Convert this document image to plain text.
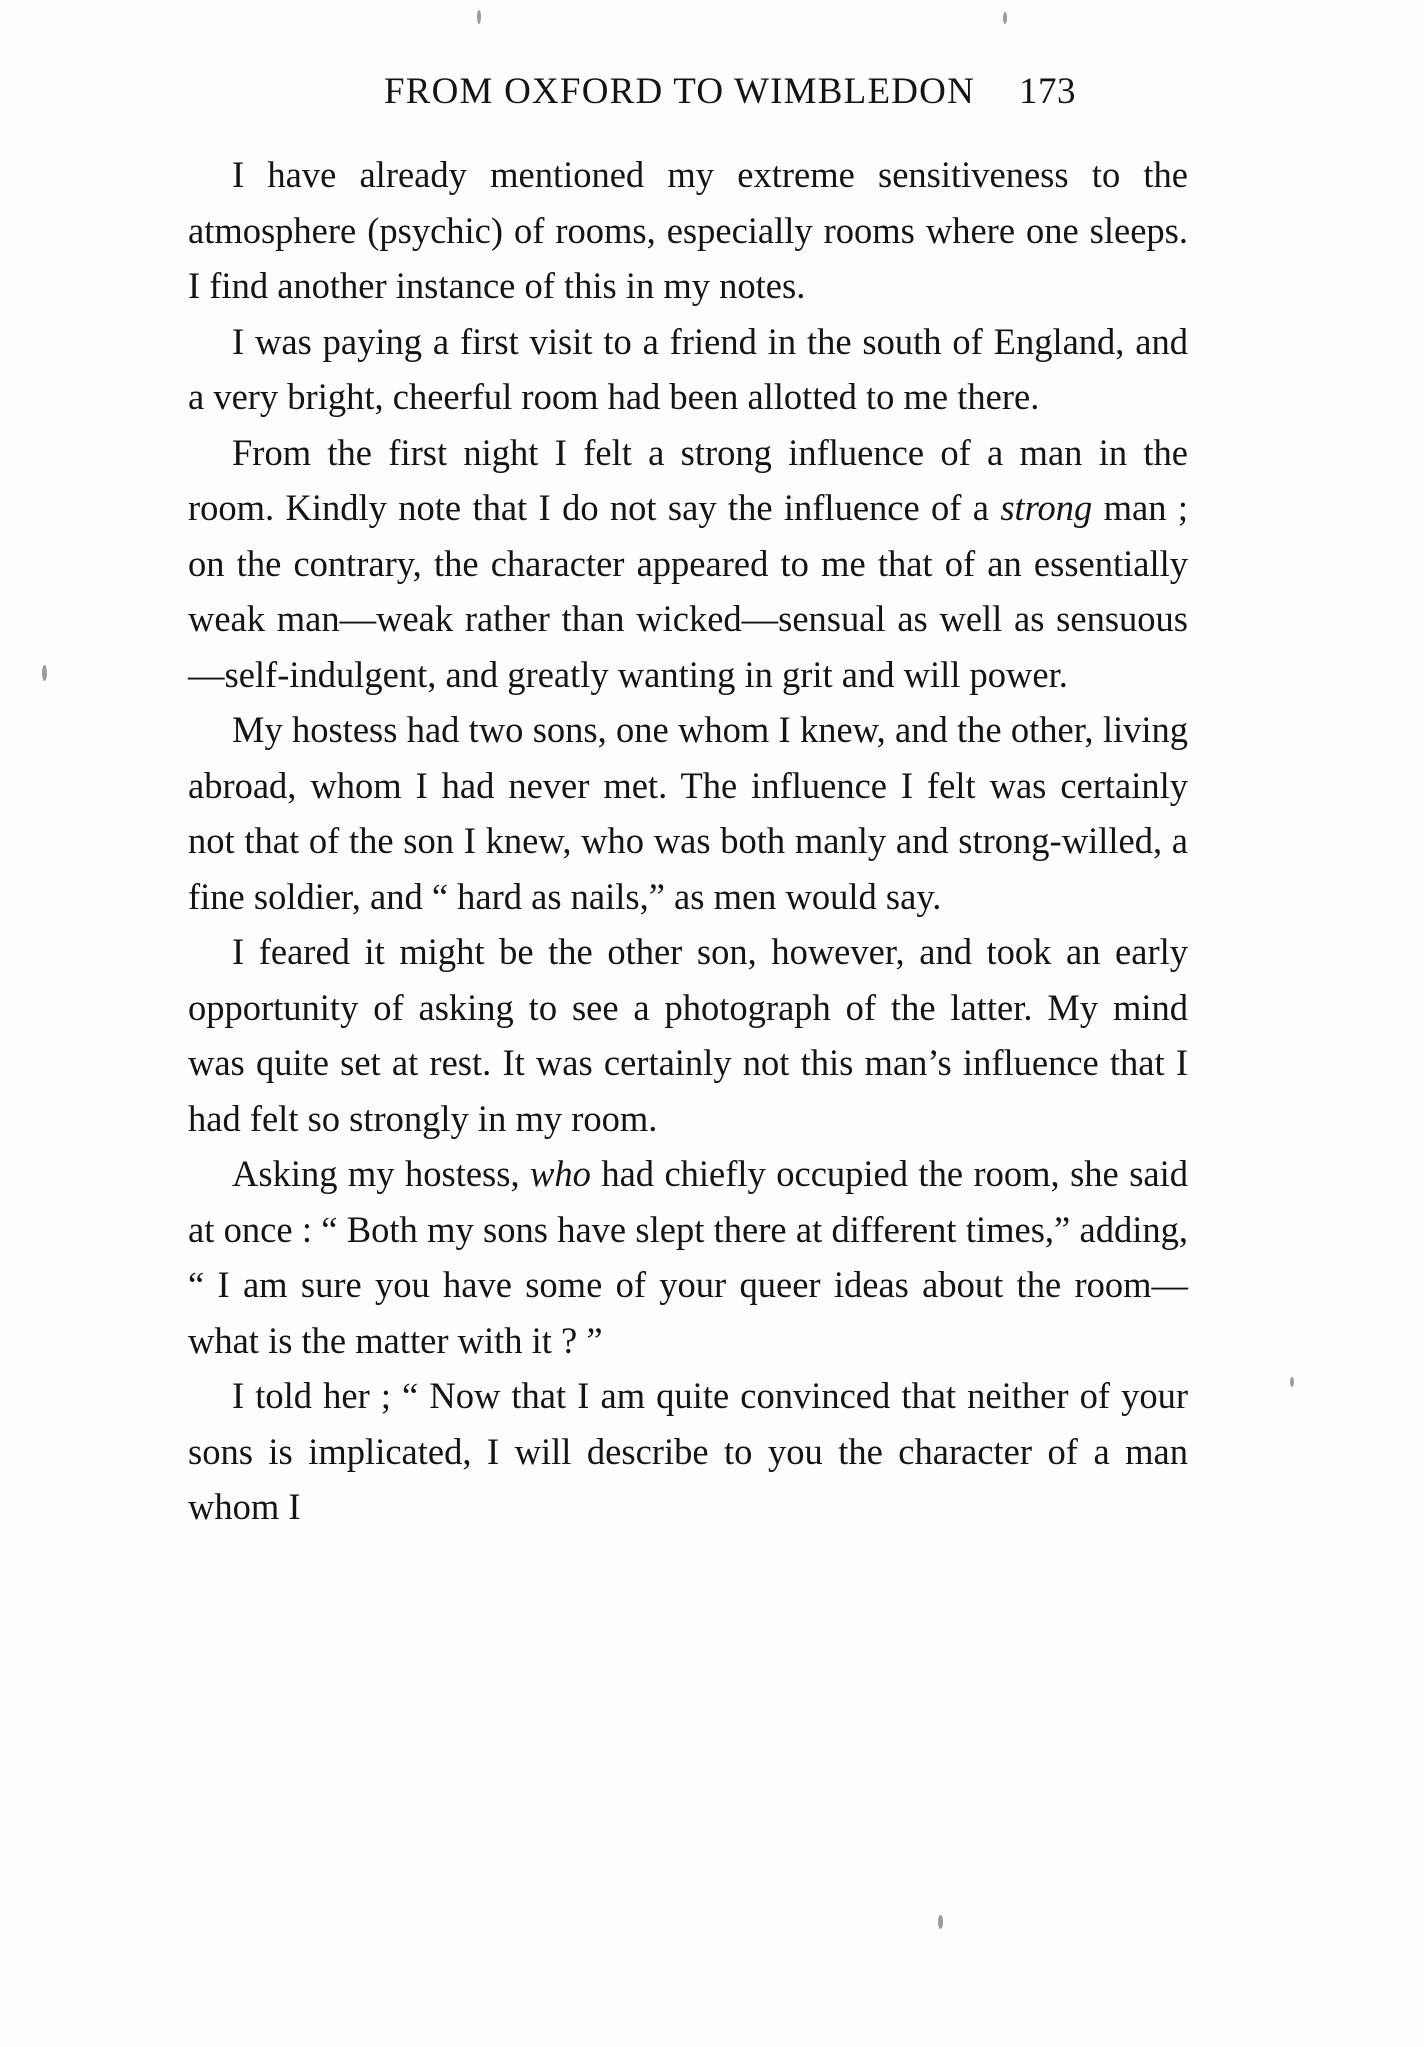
FROM OXFORD TO WIMBLEDON 173

I have already mentioned my extreme sensitiveness to the atmosphere (psychic) of rooms, especially rooms where one sleeps. I find another instance of this in my notes.

I was paying a first visit to a friend in the south of England, and a very bright, cheerful room had been allotted to me there.

From the first night I felt a strong influence of a man in the room. Kindly note that I do not say the influence of a strong man ; on the contrary, the character appeared to me that of an essentially weak man—weak rather than wicked—sensual as well as sensuous—self-indulgent, and greatly wanting in grit and will power.

My hostess had two sons, one whom I knew, and the other, living abroad, whom I had never met. The influence I felt was certainly not that of the son I knew, who was both manly and strong-willed, a fine soldier, and “ hard as nails,” as men would say.

I feared it might be the other son, however, and took an early opportunity of asking to see a photograph of the latter. My mind was quite set at rest. It was certainly not this man’s influence that I had felt so strongly in my room.

Asking my hostess, who had chiefly occupied the room, she said at once : “ Both my sons have slept there at different times,” adding, “ I am sure you have some of your queer ideas about the room—what is the matter with it ? ”

I told her ; “ Now that I am quite convinced that neither of your sons is implicated, I will describe to you the character of a man whom I
